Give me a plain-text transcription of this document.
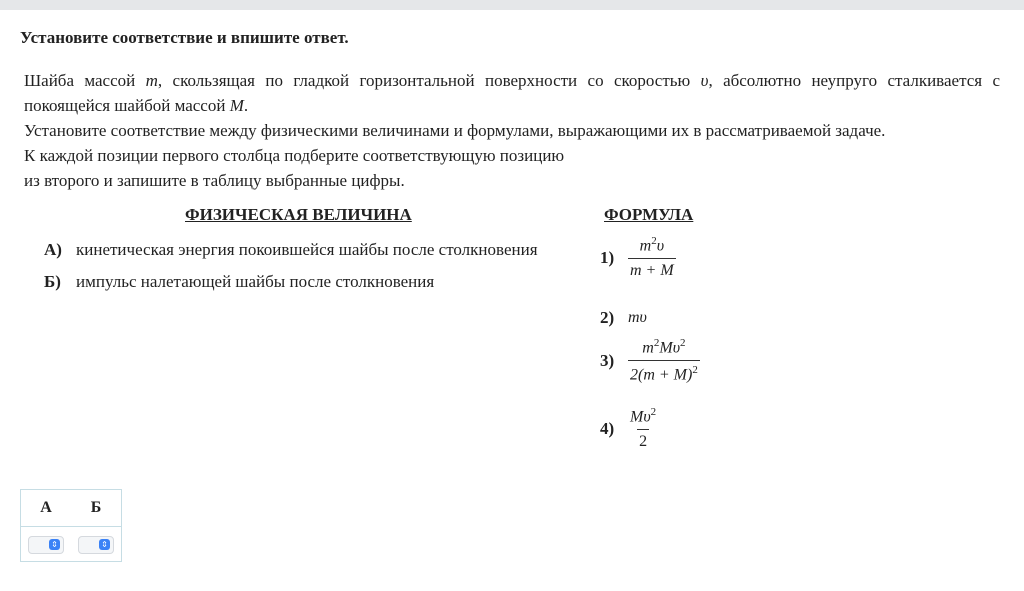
Установите соответствие и впишите ответ.

Шайба массой m, скользящая по гладкой горизонтальной поверхности со скоростью υ, абсолютно неупруго сталкивается с

покоящейся шайбой массой M.

Установите соответствие между физическими величинами и формулами, выражающими их в рассматриваемой задаче.

К каждой позиции первого столбца подберите соответствующую позицию

из второго и запишите в таблицу выбранные цифры.

ФИЗИЧЕСКАЯ ВЕЛИЧИНА	ФОРМУЛА
А) кинетическая энергия покоившейся шайбы после столкновения
Б) импульс налетающей шайбы после столкновения
$1) \frac{m^2\upsilon}{m + M}$
2) mυ
$3) \frac{m^2M\upsilon^2}{2(m + M)^2}$
$4) \frac{M\upsilon^2}{2}$
А	Б
⇕	⇕
